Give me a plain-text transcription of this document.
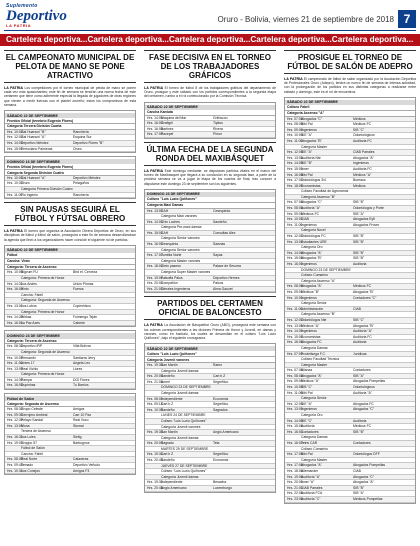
Suplemento
Deportivo
LA PATRIA
Oruro - Bolivia, viernes 21 de septiembre de 2018 7
Cartelera deportiva...Cartelera deportiva...Cartelera deportiva...Cartelera deportiva...Cartelera deportiva...
EL CAMPEONATO MUNICIPAL DE PELOTA DE MANO SE PONE ATRACTIVO
LA PATRIA Los competidores por el torneo municipal de pelota de mano se ponen cada vez más apasionantes; este fin de semana se tendrán una nueva fecha de este certamen que tiene como adherente especial la llegada de jugadores de otras regiones que vienen a medir fuerzas con el plantel orureño; estos los compromisos de esta semana.
SÁBADO 22 DE SEPTIEMBRE
Frontón Oficial (tenebrio Eugenio Flores)
Categoría Tercera División Cuarta
Hrs. 10:00
Gal Huanuni "B"	Ranchería
Hrs. 12:00
Gal Huanuni "A"	Esquina Sur
Hrs. 14:00
Deportivo Méndez	Deportivo Flores "B"
Hrs. 15:00
Ferroviario Palmeras	Oruro
DOMINGO 16 DE SEPTIEMBRE
Frontón Oficial (tenebrio Eugenio Flores)
Categoría Segunda División Cuatro
Hrs. 10:00
Gal Huanuni "A"	Deportivo Méndez
Hrs. 10:30
Oruro	Pelagoños
Categoría Primera División Cuatro
Hrs. 11:00
Flo Ingenio	Ranchería
SIN PAUSAS SEGUIRÁ EL FÚTBOL Y FÚTSAL OBRERO
LA PATRIA El torneo que organiza la Asociación Obrera Deportiva de Oruro, en sus disciplinas de fútbol y fútbol de salón, proseguirá a este fin de semana desarrollándose la agenda que llevó a los organizadores hacer coincidir el siguiente rol de partidos.
SÁBADO 22 DE SEPTIEMBRE
Fútbol
Cancha: Vinto
Categoría: Tercera de Ascenso
Hrs. 10:00
Bigvum FU	Bird el. Cerveza
Categoría: Primera de Honor
Hrs. 14:30
Los Andes	Unión Pirmas
Hrs. 16:00
Vinto	Fuerza
Cancha: Fabril
Categoría: Segunda de Ascenso
Hrs. 13:00
Los Lobos	Copenhisco
Categoría: Primera de Honor
Hrs. 14:30
Wirkas	Fuimengo Teján
Hrs. 16:00
La Paz Axes	Caberie
DOMINGO 23 DE SEPTIEMBRE
Categoría: Tercera de Ascenso
Hrs. 08:30
Deportivo IRP	Villa Bolívar
Categoría: Segunda de Ascenso
Hrs. 10:00
Pernambi	Santiarra Jerry
Hrs. 11:30
Ardes 17	Angela Leo
Hrs. 13:00
Real Vichio	Llores
Categoría: Primera de Honor
Hrs. 14:30
Pampa	DOI Flores
Hrs. 16:00
Dupinhas	Tu Barrios
Fútbol de Salón
Categoría: Segunda de Ascenso
Hrs. 08:30
Grupo Celeste	Amigos
Hrs. 09:30
Cerrojero Ambiral	Carr 10 Paz
Hrs. 12:30
Pelayo Sandal	Real Vozo
Hrs. 13:00
Mona	Stumal
Tercera de Ascenso
Hrs. 16:30
Los Loles	Sieltg
Hrs. 19:00
Gruppo 57	Barbugnos
Fútbol de Salón
Cancha: Fabril
Hrs. 08:30
Real Norte	Calaveras
Hrs. 09:45
Temado	Deportivo Veñudo
Hrs. 10:30
Los Conejos	Amigos F3
FASE DECISIVA EN EL TORNEO DE LOS TRABAJADORES GRÁFICOS
LA PATRIA El torneo de fútbol 8 de los trabajadores gráficos del departamento de Oruro, prosigue y este sábado con los partidos correspondientes a la segunda etapa del certamen, rumbo a el rol confeccionado por la Comisión Técnica.
SÁBADO 22 DE SEPTIEMBRE
Cancha Kantuta
Hrs. 14:00
Maquina del Mar	Grifoscon
Hrs. 16:00
Grafigril	Tipitos
Hrs. 16:00
Bartinez	Rivera
Hrs. 17:00
Pacepel	Pimor
ÚLTIMA FECHA DE LA SEGUNDA RONDA DEL MAXIBÁSQUET
LA PATRIA Este domingo mediante, se disputarán partidos vitales en el marco del torneo de Maxibásquet que llegará a su conclusión en su segunda fase, a partir de la próxima semana se va a jugar la etapa de los cuartos de final, tras conocer a disputarse este domingo 23 de septiembre son los siguientes.
DOMINGO 23 DE SEPTIEMBRE
Coliseo "Luis Luzio Quiñones"
Categoría Maxi Damas
Hrs. 13:00
CAH	Cesequinia
Categoría Maxi varones
Hrs. 14:00
Chin Loches	Sandeño
Categoría Pre-maxi damas
Hrs. 15:00
CAH	Consultas Alex
Categoría Senior varones
Hrs. 16:00
Cesequinia	Sawnas
Categoría Senior varones
Hrs. 17:00
Tumbla Norte	Sayas
Categoría Master varones
Hrs. 18:00
Cleto paseos	Palace de Sesurra
Categoría Super Master varones
Hrs. 19:00
Fatsoffa Palos	Deportivo Hernes
Hrs. 20:00
Compañón	Palcos
Hrs. 21:00
Olmales Ingenieros	Alma Gaucet
PARTIDOS DEL CERTAMEN OFICIAL DE BALONCESTO
LA PATRIA La Asociación de Básquetbol Oruro (ABO), proseguirá este semana con los coleras correspondientes a las diciones Primera de Honor y Juvenil, en damas y varones, como en fusíbalo, los cuales se desarrollan en el coliseo "Luis Lucio Quiñones", bajo el siguiente cronograma.
SÁBADO 22 DE SEPTIEMBRE
Coliseo "Luis Luzio Quiñones"
Categoría Juvenil varones
Hrs. 19:30
San Martín	Ramo
Categoría Juvenil damas
Hrs. 20:00
Sandeño	Cart b Z
Hrs. 21:00
Ameri	Segreñico
DOMINGO 23 DE SEPTIEMBRE
Categoría Juvenil damas
Hrs. 08:00
Independiente	Economía
Hrs. 09:15
Cart b Z	Segreñico
Hrs. 10:30
Sandeño	Sagrados
LUNES 24 DE SEPTIEMBRE
Coliseo "Luis Luzio Quiñones"
Categoría Juvenil varones
Hrs. 19:30
San Martín	Anglo Americano
Categoría Juvenil damas
Hrs. 20:00
Sagrado	Teta
MARTES 25 DE SEPTIEMBRE
Hrs. 19:30
Cart b Z	Segreñico
Hrs. 20:45
Sandeño	Economía
JUEVES 27 DE SEPTIEMBRE
Coliseo "Luis Luzio Quiñones"
Categoría Juvenil damas
Hrs. 19:30
Independiente	Besacha
Hrs. 20:45
Anglo Americano	Luxemburgo
PROSIGUE EL TORNEO DE FÚTBOL DE SALÓN DE ADEPRO
LA PATRIA El campeonato de fútbol de salón organizado por la Asociación Deportiva de Profesionales Oruro (Adepro), tendrá un nuevo fin de semana de intensa actividad, con la prolongación de los partidos en sus distintas categorías a realizarse entre sábado y domingo, este es el rol de encuentros.
SÁBADO 22 DE SEPTIEMBRE
Coliseo Fabril
Categoría Ascenso "A"
Hrs. 07:00
Abogados "C"	Médicos
Hrs. 08:00
Bibi Pal	Médicos FC
Hrs. 09:00
Ingenieros	SIB "C"
Hrs. 10:00
SIE "A"	Odontológicos
Hrs. 11:00
Abogados "B"	Auditoria FC
Categoría Master
Hrs. 12:00
SIE "A"	CIAB Parrales
Hrs. 13:00
Auditoría Nte	Abogados "A"
Hrs. 14:00
SIE "B"	Ingenieros
Hrs. 15:00
Inner	Auditoria FC
Hrs. 16:00
Bibi Pal	Médicos "A"
Hrs. 17:00
Odontólogos 3/4	Bureaus
Hrs. 18:00
Economistas	Médicos
Coliseo Facultad de Agronomía
Categoría Ascenso "B"
Hrs. 07:00
Abogados "C"	SIB "B"
Hrs. 08:00
Auditoría "A"	Odontólogos y Porte
Hrs. 09:00
Médicos FC	SIB "A"
Hrs. 10:00
CIAB	Abogados Eyfi
Hrs. 11:00
Ingenieros	Abogados Prover
Categoría Novel
Hrs. 12:00
Odontólogos FC	SIB "B"
Hrs. 13:00
Estudiantes URE	SIB "B"
Categoría Oro
Hrs. 14:00
Abogados "A"	SIB "B"
Hrs. 15:00
Abogados "B"	SIB "B"
Hrs. 16:00
Ingenieros	Auditoria
DOMINGO 23 DE SEPTIEMBRE
Coliseo Cumarino
Categoría Ascenso "A"
Hrs. 08:00
Abogados "A"	Médicos FC
Hrs. 09:00
Médicos "B"	Abogados "B"
Hrs. 10:00
Ingenieros	Contadores "C"
Categoría Senior
Hrs. 11:00
Administración	CIAB
Categoría Ascenso "B"
Hrs. 12:00
Odontólogos Nte	SIB "C"
Hrs. 13:00
Médicos "A"	Abogados "B"
Hrs. 14:00
Ingenieros	Auditoría "A"
Hrs. 15:00
Economistas	Auditoria FC
Hrs. 16:00
Abogados FC	Auditoria
Categoría Damas
Hrs. 07:00
Prodelisega F.C.	Jurídicas
Coliseo Facultad Técnica
Categoría Master
Hrs. 07:00
Alianza	Contadores
Hrs. 08:00
Abogados "A"	SIB "A"
Hrs. 09:00
Médicos "A"	Abogados Pompellas
Hrs. 10:00
SIB "C"	Odontológicos
Hrs. 11:00
Bibi Pal	Auditoria "A"
Categoría Senior
Hrs. 12:00
SIE "A"	Abogados FC
Hrs. 13:00
Ingenieros	Abogados "C"
Categoría Oro
Hrs. 14:00
SIE "C"	Auditoria
Hrs. 15:00
Auditoría	Médicos FC
Hrs. 16:00
Contadores	SIB "B"
Categoría Damas
Hrs. 16:00
Tetris CAR	Contadores
Coliseo Cumarino
Hrs. 17:00
Bibi Pal	Odontólogos DFF
Categoría Master
Hrs. 17:00
Abogados "A"	Abogados Pompellas
Hrs. 18:00
Allemander	CIAB
Hrs. 19:00
Auditoría "A"	Abogados "C"
Hrs. 20:00
Inner "A"	Abogados "A"
Hrs. 21:00
CIAB Parrales	SIB "B"
Hrs. 22:00
Auditoría FCA	SIB "A"
Hrs. 23:00
Auditoría "C"	Médicos Pompellas
